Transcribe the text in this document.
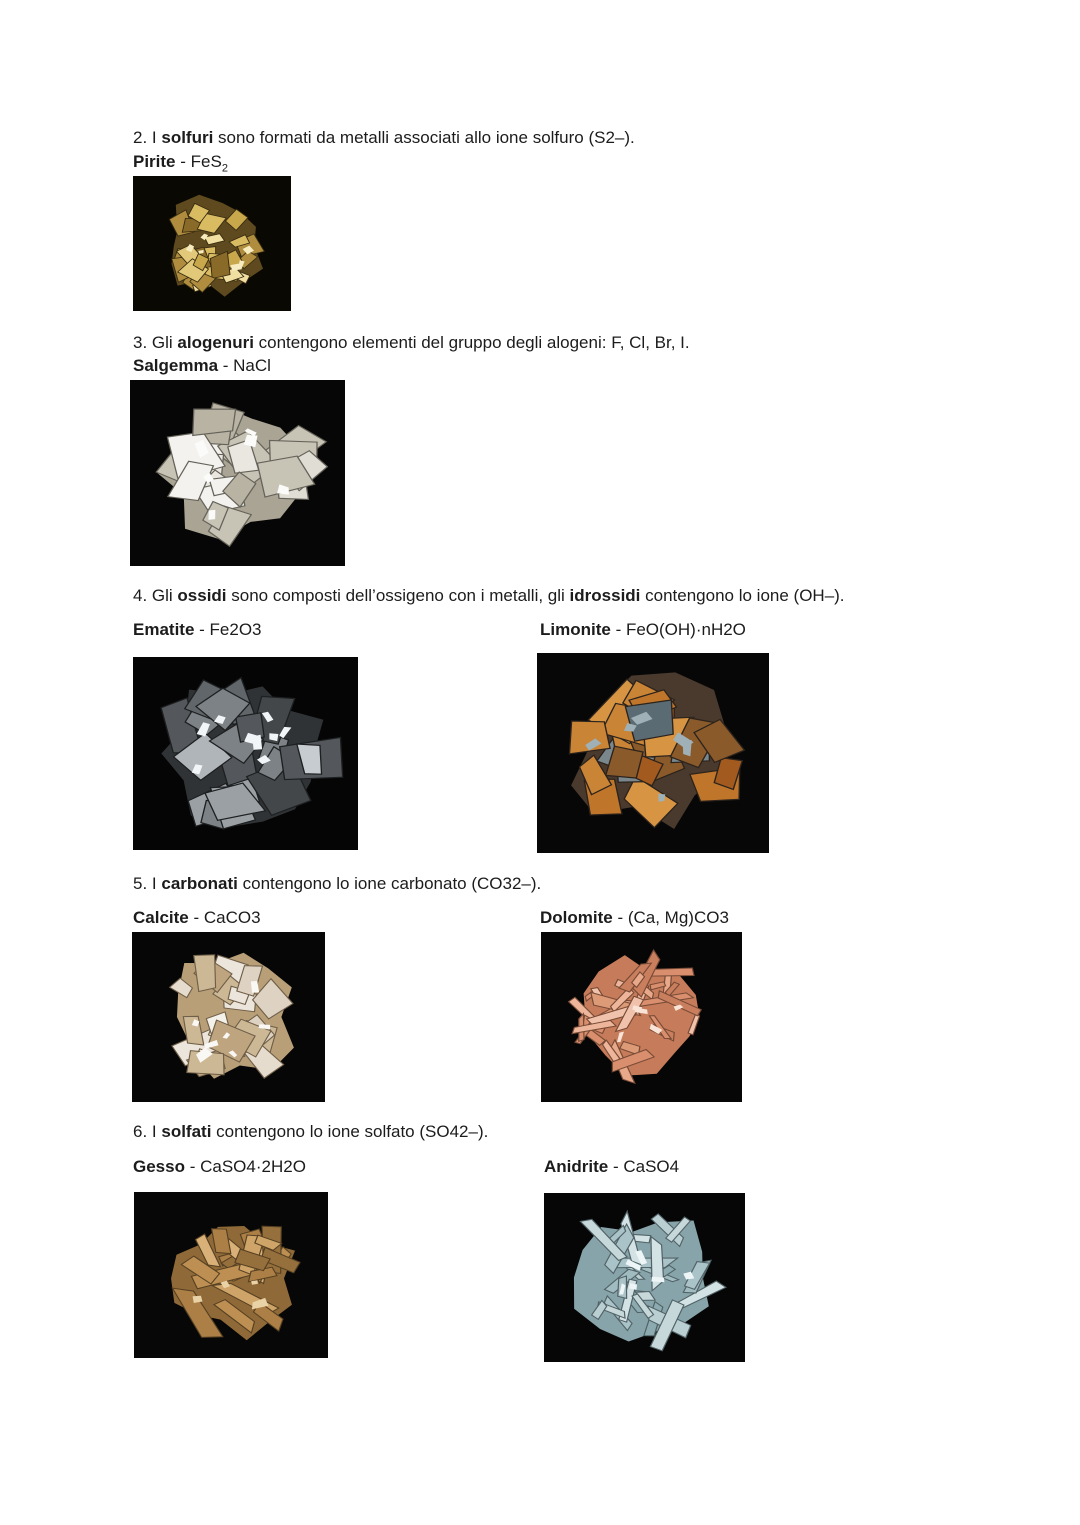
2. I solfuri sono formati da metalli associati allo ione solfuro (S2–).

Pirite - FeS$_2$

3. Gli alogenuri contengono elementi del gruppo degli alogeni: F, Cl, Br, I.

Salgemma - NaCl

4. Gli ossidi sono composti dell’ossigeno con i metalli, gli idrossidi contengono lo ione (OH–).

Ematite - Fe2O3	Limonite - FeO(OH)·nH2O

5. I carbonati contengono lo ione carbonato (CO32–).

Calcite - CaCO3	Dolomite - (Ca, Mg)CO3

6. I solfati contengono lo ione solfato (SO42–).

Gesso - CaSO4·2H2O	Anidrite - CaSO4
